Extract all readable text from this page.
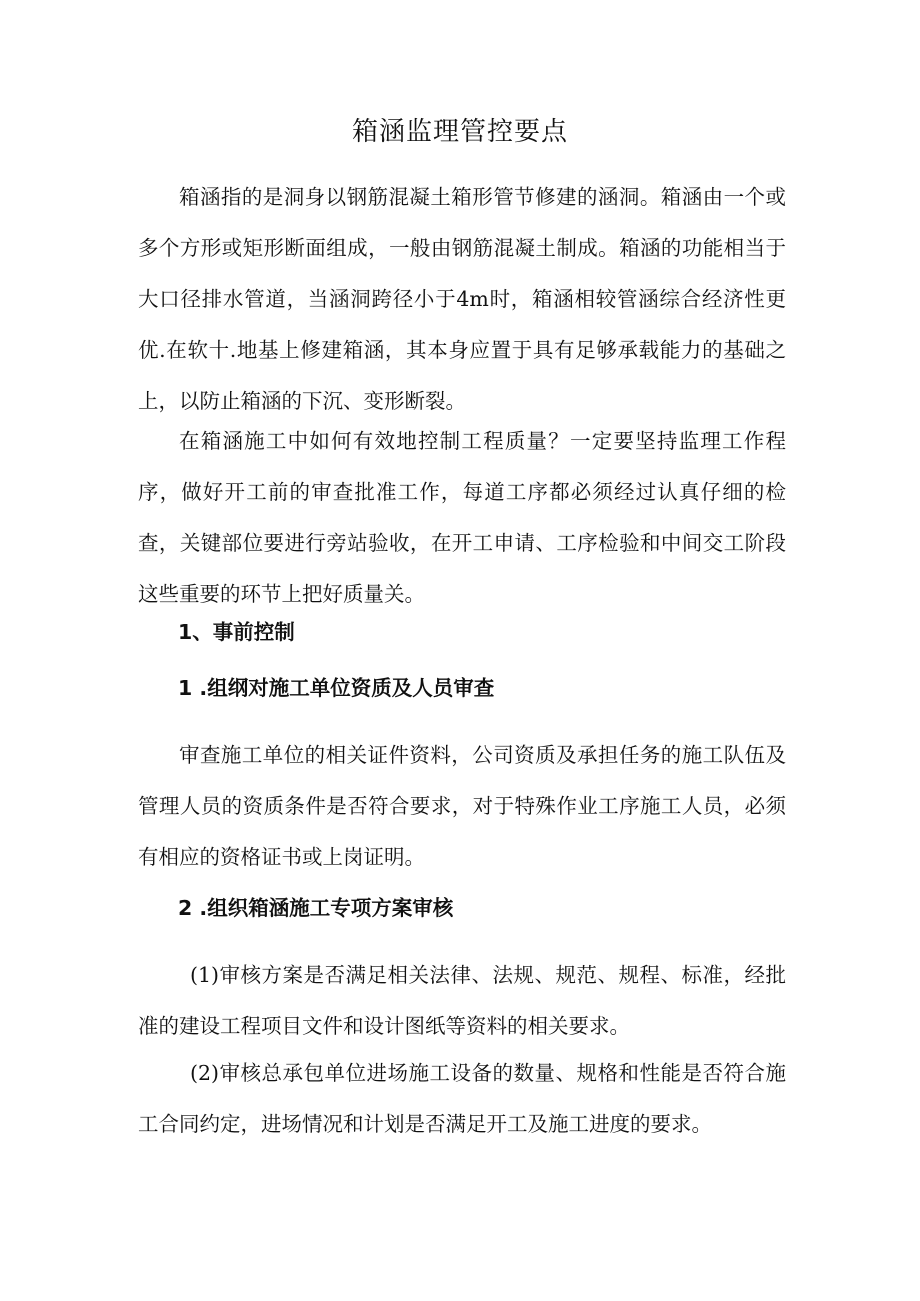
箱涵监理管控要点

箱涵指的是洞身以钢筋混凝土箱形管节修建的涵洞。箱涵由一个或多个方形或矩形断面组成，一般由钢筋混凝土制成。箱涵的功能相当于大口径排水管道，当涵洞跨径小于4m时，箱涵相较管涵综合经济性更优.在软十.地基上修建箱涵，其本身应置于具有足够承载能力的基础之上，以防止箱涵的下沉、变形断裂。

在箱涵施工中如何有效地控制工程质量？一定要坚持监理工作程序，做好开工前的审查批准工作，每道工序都必须经过认真仔细的检查，关键部位要进行旁站验收，在开工申请、工序检验和中间交工阶段这些重要的环节上把好质量关。

1、事前控制
1 .组纲对施工单位资质及人员审查

审查施工单位的相关证件资料，公司资质及承担任务的施工队伍及管理人员的资质条件是否符合要求，对于特殊作业工序施工人员，必须有相应的资格证书或上岗证明。

2 .组织箱涵施工专项方案审核

(1)审核方案是否满足相关法律、法规、规范、规程、标准，经批准的建设工程项目文件和设计图纸等资料的相关要求。

(2)审核总承包单位进场施工设备的数量、规格和性能是否符合施工合同约定，进场情况和计划是否满足开工及施工进度的要求。
